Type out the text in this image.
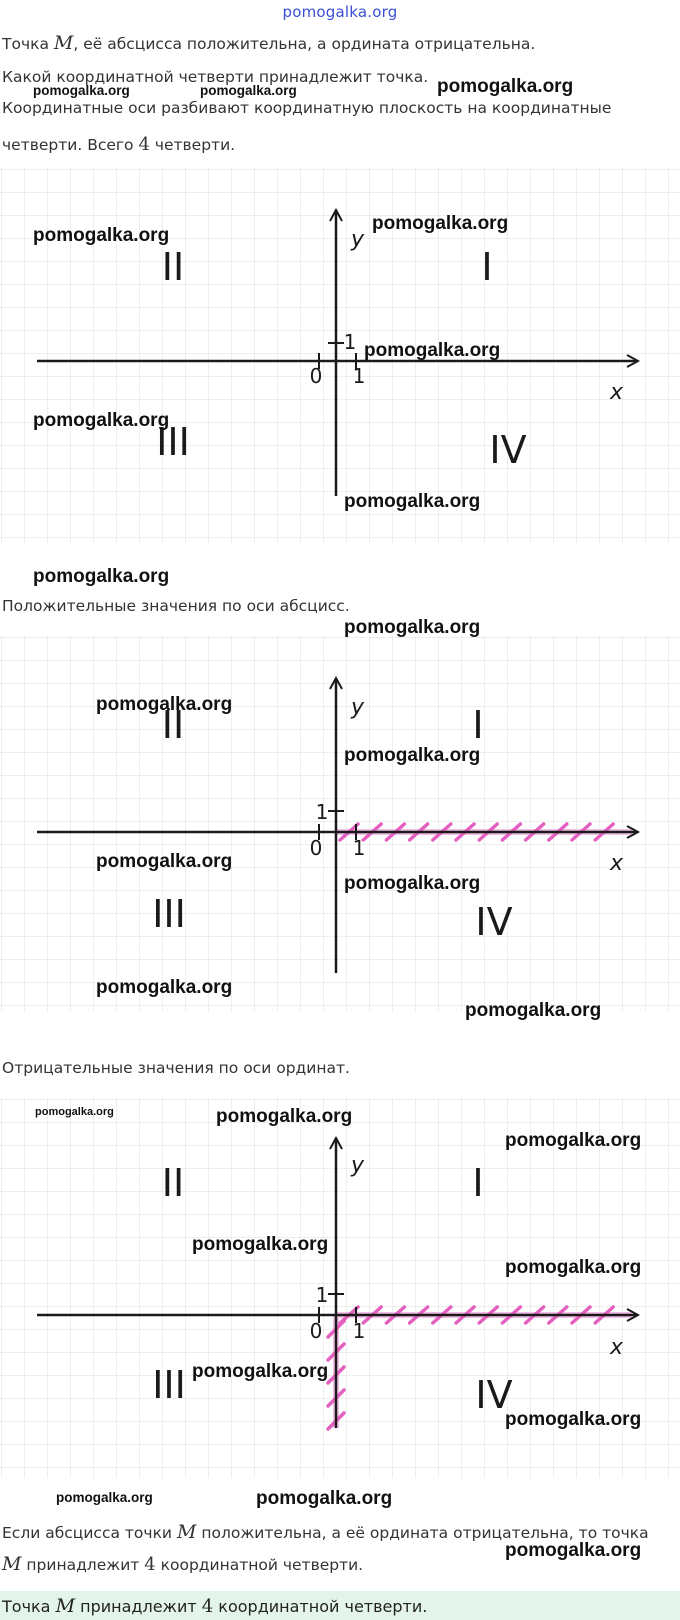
pomogalka.org
Точка M, её абсцисса положительна, а ордината отрицательна.
Какой координатной четверти принадлежит точка.
Координатные оси разбивают координатную плоскость на координатные
четверти. Всего 4 четверти.
0 1
1
x
y
I
II
III	IV
Положительные значения по оси абсцисс.
0 1
1
x
y	I
II
III	IV
Отрицательные значения по оси ординат.
0 1
1
x
y	I
II
III	IV
Если абсцисса точки M положительна, а её ордината отрицательна, то точка
M принадлежит 4 координатной четверти.
Точка M принадлежит 4 координатной четверти.
pomogalka.org	pomogalka.org	pomogalka.org
pomogalka.org
pomogalka.org
pomogalka.org
pomogalka.org
pomogalka.org
pomogalka.org
pomogalka.org
pomogalka.org
pomogalka.org
pomogalka.org
pomogalka.org
pomogalka.org
pomogalka.org
pomogalka.org	pomogalka.org
pomogalka.org
pomogalka.org
pomogalka.org
pomogalka.org
pomogalka.org
pomogalka.org	pomogalka.org
pomogalka.org
